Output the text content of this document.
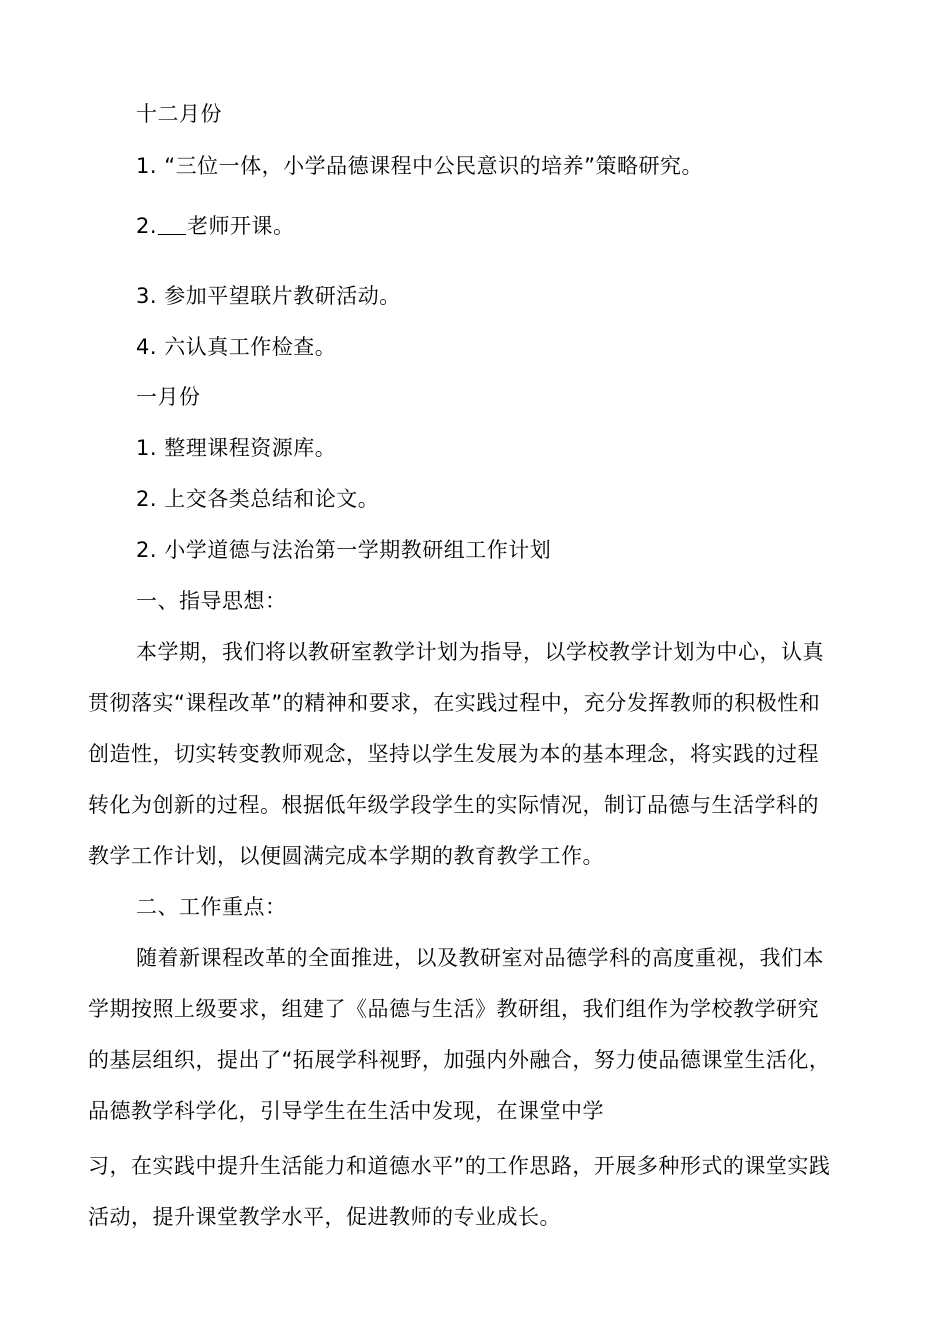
十二月份
1. “三位一体，小学品德课程中公民意识的培养”策略研究。
2. 老师开课。
3. 参加平望联片教研活动。
4. 六认真工作检查。
一月份
1. 整理课程资源库。
2. 上交各类总结和论文。
2. 小学道德与法治第一学期教研组工作计划
一、指导思想：
本学期，我们将以教研室教学计划为指导，以学校教学计划为中心，认真
贯彻落实“课程改革”的精神和要求，在实践过程中，充分发挥教师的积极性和
创造性，切实转变教师观念，坚持以学生发展为本的基本理念，将实践的过程
转化为创新的过程。根据低年级学段学生的实际情况，制订品德与生活学科的
教学工作计划，以便圆满完成本学期的教育教学工作。
二、工作重点：
随着新课程改革的全面推进，以及教研室对品德学科的高度重视，我们本
学期按照上级要求，组建了《品德与生活》教研组，我们组作为学校教学研究
的基层组织，提出了“拓展学科视野，加强内外融合，努力使品德课堂生活化，
品德教学科学化，引导学生在生活中发现，在课堂中学
习，在实践中提升生活能力和道德水平”的工作思路，开展多种形式的课堂实践
活动，提升课堂教学水平，促进教师的专业成长。
